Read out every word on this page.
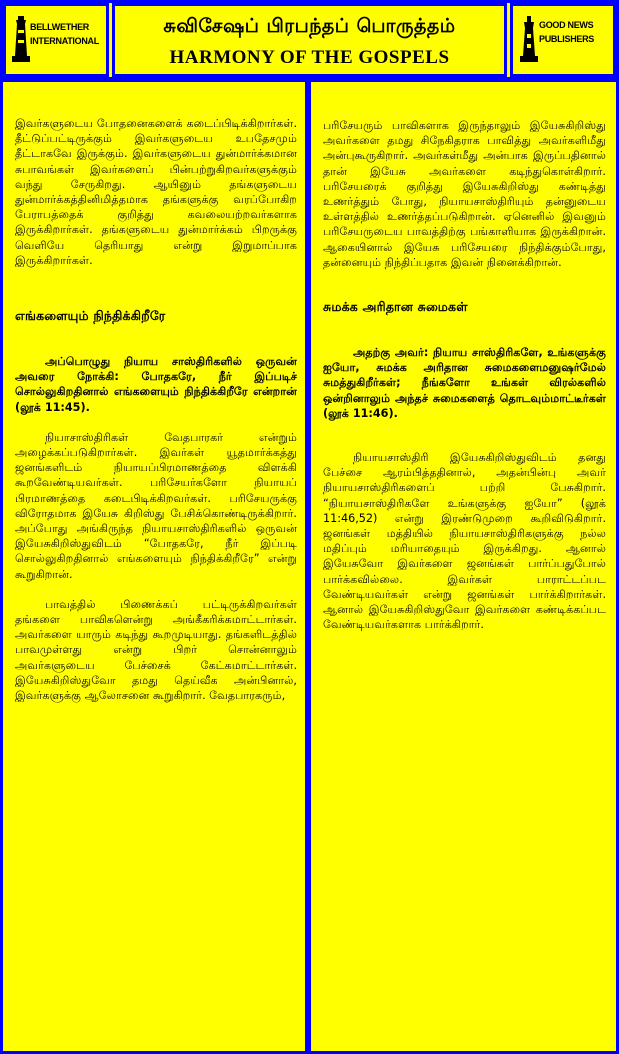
BELLWETHER
INTERNATIONAL
சுவிசேஷப் பிரபந்தப் பொருத்தம்
HARMONY OF THE GOSPELS
GOOD NEWS
PUBLISHERS

இவர்களுடைய போதனைகளைக் கடைப்பிடிக்கிறார்கள். தீட்டுப்பட்டிருக்கும் இவர்களுடைய உபதேசமும் தீட்டாகவே இருக்கும். இவர்களுடைய துன்மார்க்கமான சுபாவங்கள் இவர்களைப் பின்பற்றுகிறவர்களுக்கும் வந்து சேருகிறது. ஆயினும் தங்களுடைய துன்மார்க்கத்தினிமித்தமாக தங்களுக்கு வரப்போகிற பேராபத்தைக் குறித்து கவலையற்றவர்களாக இருக்கிறார்கள். தங்களுடைய துன்மார்க்கம் பிறருக்கு வெளியே தெரியாது என்று இறுமாப்பாக இருக்கிறார்கள்.

எங்களையும் நிந்திக்கிறீரே

அப்பொழுது நியாய சாஸ்திரிகளில் ஒருவன் அவரை நோக்கி: போதகரே, நீர் இப்படிச் சொல்லுகிறதினால் எங்களையும் நிந்திக்கிறீரே என்றான் (லூக் 11:45).

நியாசாஸ்திரிகள் வேதபாரகர் என்றும் அழைக்கப்படுகிறார்கள். இவர்கள் யூதமார்க்கத்து ஜனங்களிடம் நியாயப்பிரமாணத்தை விளக்கி கூறவேண்டியவர்கள். பரிசேயர்களோ நியாயப் பிரமாணத்தை கடைபிடிக்கிறவர்கள். பரிசேயருக்கு விரோதமாக இயேசு கிறிஸ்து பேசிக்கொண்டிருக்கிறார். அப்போது அங்கிருந்த நியாயசாஸ்திரிகளில் ஒருவன் இயேசுகிறிஸ்துவிடம் “போதகரே, நீர் இப்படி சொல்லுகிறதினால் எங்களையும் நிந்திக்கிறீரே” என்று கூறுகிறான்.

பாவத்தில் பிணைக்கப் பட்டிருக்கிறவர்கள் தங்களை பாவிகளென்று அங்கீகரிக்கமாட்டார்கள். அவர்களை யாரும் கடிந்து கூறமுடியாது. தங்களிடத்தில் பாவமுள்ளது என்று பிறர் சொன்னாலும் அவர்களுடைய பேச்சைக் கேட்கமாட்டார்கள். இயேசுகிறிஸ்துவோ தமது தெய்வீக அன்பினால், இவர்களுக்கு ஆலோசனை கூறுகிறார். வேதபாரகரும்,

பரிசேயரும் பாவிகளாக இருந்தாலும் இயேசுகிறிஸ்து அவர்களை தமது சிநேகிதராக பாவித்து அவர்களிமீது அன்புகூருகிறார். அவர்கள்மீது அன்பாக இருப்பதினால் தான் இயேசு அவர்களை கடிந்துகொள்கிறார். பரிசேயரைக் குறித்து இயேசுகிறிஸ்து கண்டித்து உணர்த்தும் போது, நியாயசாஸ்திரியும் தன்னுடைய உள்ளத்தில் உணர்த்தப்படுகிறான். ஏனெனில் இவனும் பரிசேயருடைய பாவத்திற்கு பங்காளியாக இருக்கிறான். ஆகையினால் இயேசு பரிசேயரை நிந்திக்கும்போது, தன்னையும் நிந்திப்பதாக இவன் நினைக்கிறான்.

சுமக்க அரிதான சுமைகள்

அதற்கு அவர்: நியாய சாஸ்திரிகளே, உங்களுக்கு ஐயோ, சுமக்க அரிதான சுமைகளைமனுஷர்மேல் சுமத்துகிறீர்கள்; நீங்களோ உங்கள் விரல்களில் ஒன்றினாலும் அந்தச் சுமைகளைத் தொடவும்மாட்டீர்கள் (லூக் 11:46).

நியாயசாஸ்திரி இயேசுகிறிஸ்துவிடம் தனது பேச்சை ஆரம்பித்ததினால், அதன்பின்பு அவர் நியாயசாஸ்திரிகளைப் பற்றி பேசுகிறார். “நியாயசாஸ்திரிகளே உங்களுக்கு ஐயோ” (லூக் 11:46,52) என்று இரண்டுமுறை கூறிவிடுகிறார். ஜனங்கள் மத்தியில் நியாயசாஸ்திரிகளுக்கு நல்ல மதிப்பும் மரியாதையும் இருக்கிறது. ஆனால் இயேசுவோ இவர்களை ஜனங்கள் பார்ப்பதுபோல் பார்க்கவில்லை. இவர்கள் பாராட்டப்பட வேண்டியவர்கள் என்று ஜனங்கள் பார்க்கிறார்கள். ஆனால் இயேசுகிறிஸ்துவோ இவர்களை கண்டிக்கப்பட வேண்டியவர்களாக பார்க்கிறார்.
